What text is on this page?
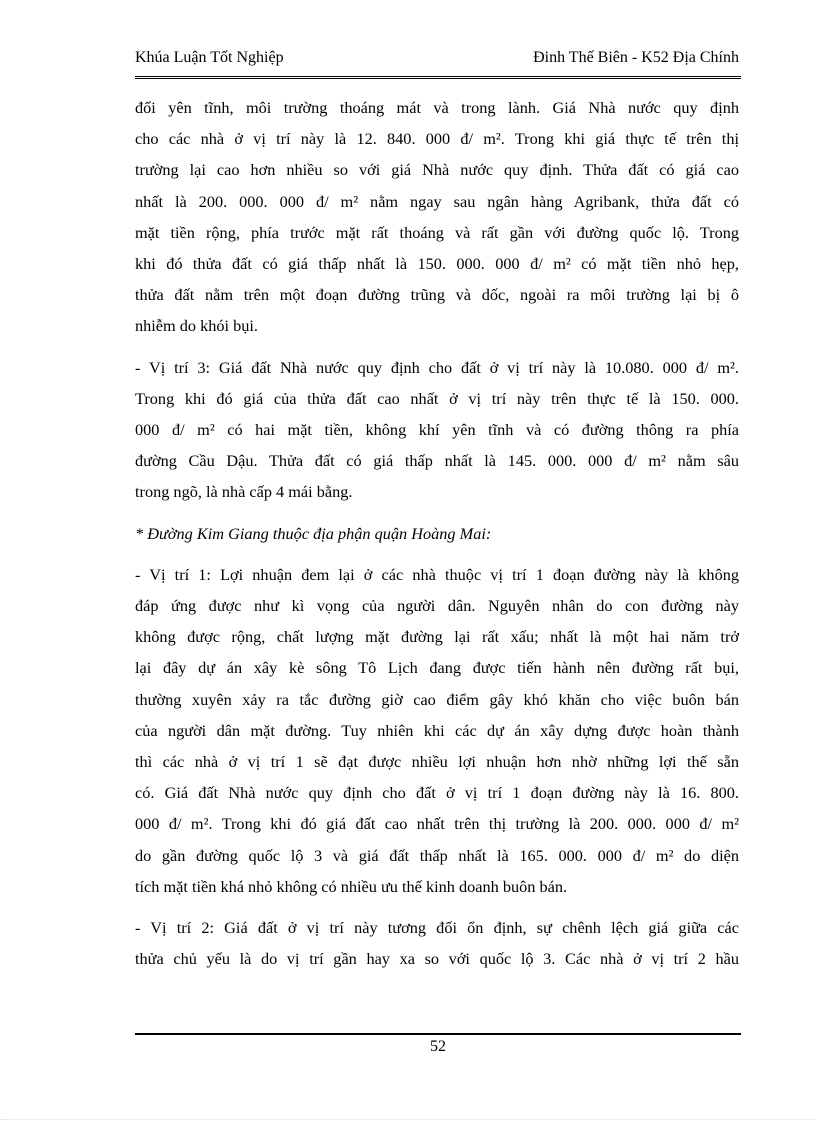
Khúa Luận Tốt Nghiệp	Đinh Thế Biên - K52 Địa Chính

đối yên tĩnh, môi trường thoáng mát và trong lành. Giá Nhà nước quy định
cho các nhà ở vị trí này là 12. 840. 000 đ/ m². Trong khi giá thực tế trên thị
trường lại cao hơn nhiều so với giá Nhà nước quy định. Thửa đất có giá cao
nhất là 200. 000. 000 đ/ m² nằm ngay sau ngân hàng Agribank, thửa đất có
mặt tiền rộng, phía trước mặt rất thoáng và rất gần với đường quốc lộ. Trong
khi đó thửa đất có giá thấp nhất là 150. 000. 000 đ/ m² có mặt tiền nhỏ hẹp,
thửa đất nằm trên một đoạn đường trũng và dốc, ngoài ra môi trường lại bị ô
nhiễm do khói bụi.

- Vị trí 3: Giá đất Nhà nước quy định cho đất ở vị trí này là 10.080. 000 đ/ m².
Trong khi đó giá của thửa đất cao nhất ở vị trí này trên thực tế là 150. 000.
000 đ/ m² có hai mặt tiền, không khí yên tĩnh và có đường thông ra phía
đường Cầu Dậu. Thửa đất có giá thấp nhất là 145. 000. 000 đ/ m² nằm sâu
trong ngõ, là nhà cấp 4 mái bằng.

* Đường Kim Giang thuộc địa phận quận Hoàng Mai:

- Vị trí 1: Lợi nhuận đem lại ở các nhà thuộc vị trí 1 đoạn đường này là không
đáp ứng được như kì vọng của người dân. Nguyên nhân do con đường này
không được rộng, chất lượng mặt đường lại rất xấu; nhất là một hai năm trở
lại đây dự án xây kè sông Tô Lịch đang được tiến hành nên đường rất bụi,
thường xuyên xảy ra tắc đường giờ cao điểm gây khó khăn cho việc buôn bán
của người dân mặt đường. Tuy nhiên khi các dự án xây dựng được hoàn thành
thì các nhà ở vị trí 1 sẽ đạt được nhiều lợi nhuận hơn nhờ những lợi thế sẵn
có. Giá đất Nhà nước quy định cho đất ở vị trí 1 đoạn đường này là 16. 800.
000 đ/ m². Trong khi đó giá đất cao nhất trên thị trường là 200. 000. 000 đ/ m²
do gần đường quốc lộ 3 và giá đất thấp nhất là 165. 000. 000 đ/ m² do diện
tích mặt tiền khá nhỏ không có nhiều ưu thế kinh doanh buôn bán.

- Vị trí 2: Giá đất ở vị trí này tương đối ổn định, sự chênh lệch giá giữa các
thửa chủ yếu là do vị trí gần hay xa so với quốc lộ 3. Các nhà ở vị trí 2 hầu

52
